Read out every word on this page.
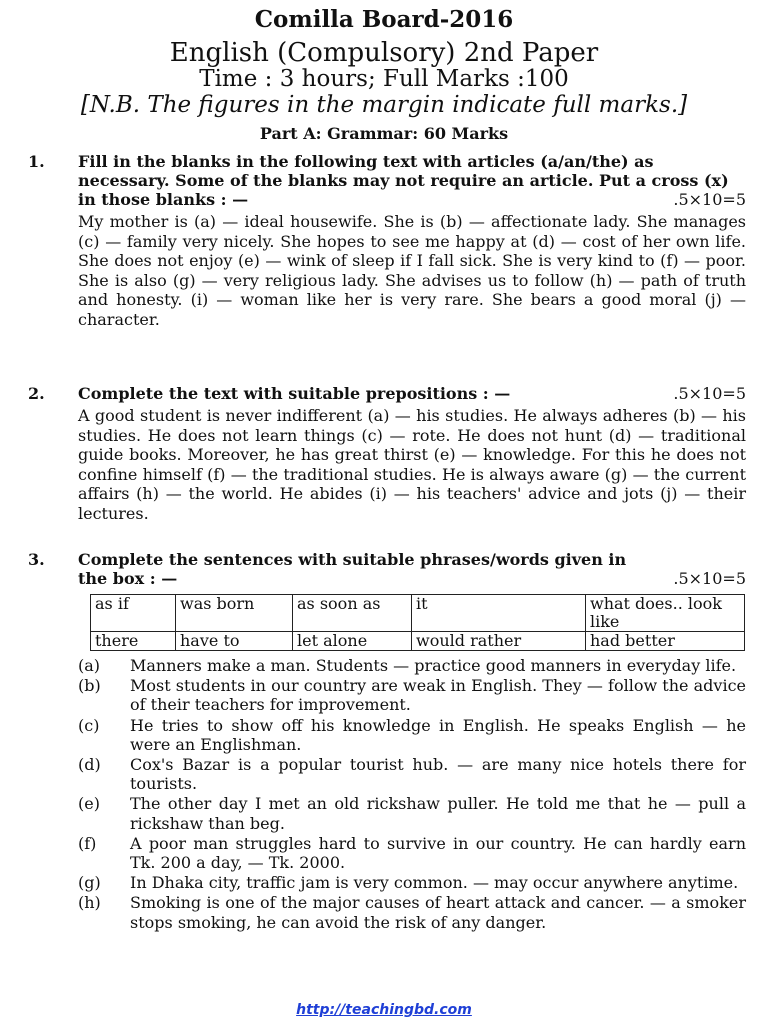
Comilla Board-2016
English (Compulsory) 2nd Paper
Time : 3 hours; Full Marks :100
[N.B. The figures in the margin indicate full marks.]
Part A: Grammar: 60 Marks
1. Fill in the blanks in the following text with articles (a/an/the) as necessary. Some of the blanks may not require an article. Put a cross (x) in those blanks : —	.5×10=5
My mother is (a) — ideal housewife. She is (b) — affectionate lady. She manages (c) — family very nicely. She hopes to see me happy at (d) — cost of her own life. She does not enjoy (e) — wink of sleep if I fall sick. She is very kind to (f) — poor. She is also (g) — very religious lady. She advises us to follow (h) — path of truth and honesty. (i) — woman like her is very rare. She bears a good moral (j) — character.
2. Complete the text with suitable prepositions : —	.5×10=5
A good student is never indifferent (a) — his studies. He always adheres (b) — his studies. He does not learn things (c) — rote. He does not hunt (d) — traditional guide books. Moreover, he has great thirst (e) — knowledge. For this he does not confine himself (f) — the traditional studies. He is always aware (g) — the current affairs (h) — the world. He abides (i) — his teachers' advice and jots (j) — their lectures.
3. Complete the sentences with suitable phrases/words given in the box : —	.5×10=5
as if	was born	as soon as	it	what does.. look like
there	have to	let alone	would rather	had better
(a) Manners make a man. Students — practice good manners in everyday life.
(b) Most students in our country are weak in English. They — follow the advice of their teachers for improvement.
(c) He tries to show off his knowledge in English. He speaks English — he were an Englishman.
(d) Cox's Bazar is a popular tourist hub. — are many nice hotels there for tourists.
(e) The other day I met an old rickshaw puller. He told me that he — pull a rickshaw than beg.
(f) A poor man struggles hard to survive in our country. He can hardly earn Tk. 200 a day, — Tk. 2000.
(g) In Dhaka city, traffic jam is very common. — may occur anywhere anytime.
(h) Smoking is one of the major causes of heart attack and cancer. — a smoker stops smoking, he can avoid the risk of any danger.
http://teachingbd.com
